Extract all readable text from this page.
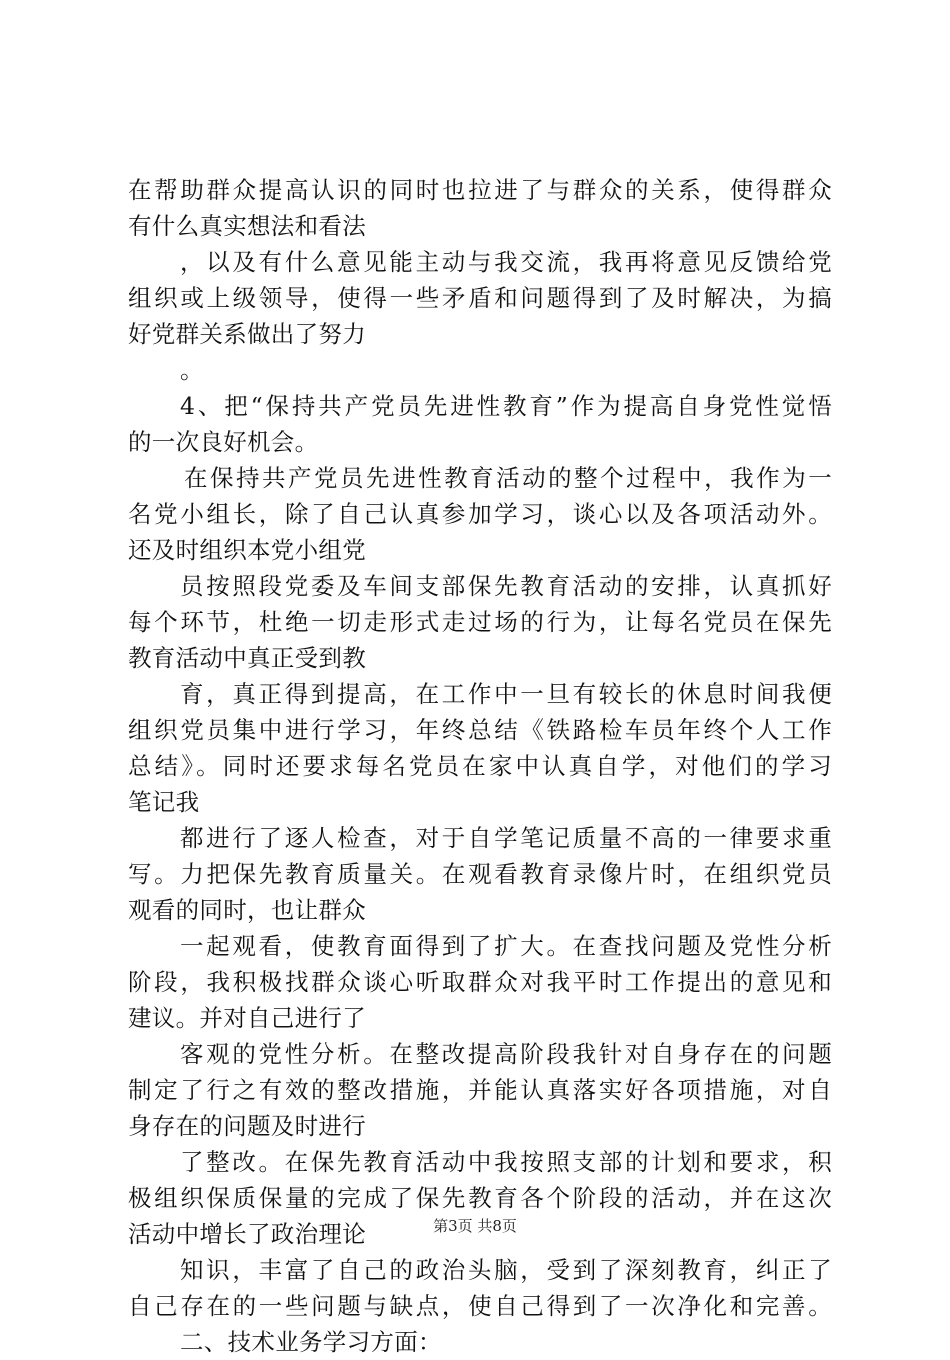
在帮助群众提高认识的同时也拉进了与群众的关系，使得群众
有什么真实想法和看法
，以及有什么意见能主动与我交流，我再将意见反馈给党
组织或上级领导，使得一些矛盾和问题得到了及时解决，为搞
好党群关系做出了努力
。
4、把“保持共产党员先进性教育”作为提高自身党性觉悟
的一次良好机会。
在保持共产党员先进性教育活动的整个过程中，我作为一
名党小组长，除了自己认真参加学习，谈心以及各项活动外。
还及时组织本党小组党
员按照段党委及车间支部保先教育活动的安排，认真抓好
每个环节，杜绝一切走形式走过场的行为，让每名党员在保先
教育活动中真正受到教
育，真正得到提高，在工作中一旦有较长的休息时间我便
组织党员集中进行学习，年终总结《铁路检车员年终个人工作
总结》。同时还要求每名党员在家中认真自学，对他们的学习
笔记我
都进行了逐人检查，对于自学笔记质量不高的一律要求重
写。力把保先教育质量关。在观看教育录像片时，在组织党员
观看的同时，也让群众
一起观看，使教育面得到了扩大。在查找问题及党性分析
阶段，我积极找群众谈心听取群众对我平时工作提出的意见和
建议。并对自己进行了
客观的党性分析。在整改提高阶段我针对自身存在的问题
制定了行之有效的整改措施，并能认真落实好各项措施，对自
身存在的问题及时进行
了整改。在保先教育活动中我按照支部的计划和要求，积
极组织保质保量的完成了保先教育各个阶段的活动，并在这次
活动中增长了政治理论
知识，丰富了自己的政治头脑，受到了深刻教育，纠正了
自己存在的一些问题与缺点，使自己得到了一次净化和完善。
二、技术业务学习方面：
第3页 共8页
